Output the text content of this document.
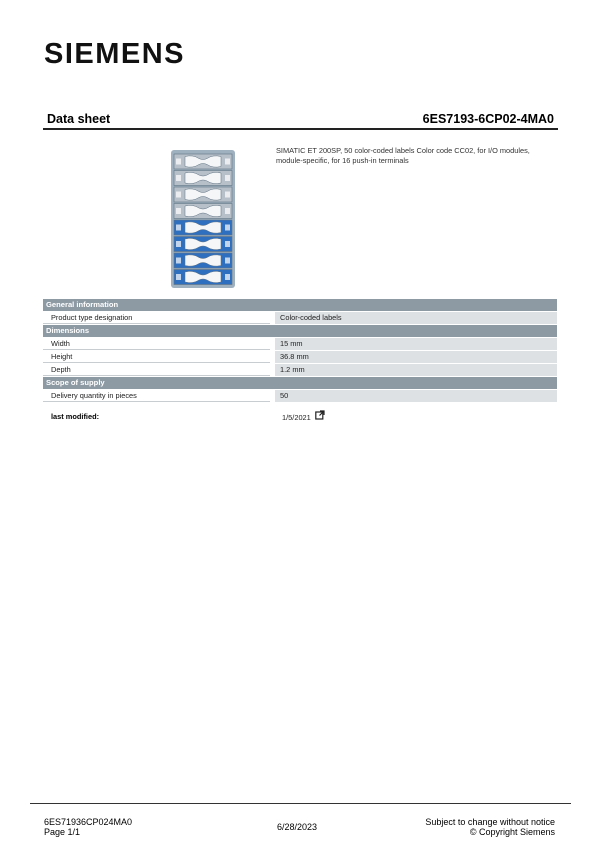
SIEMENS
Data sheet	6ES7193-6CP02-4MA0
SIMATIC ET 200SP, 50 color-coded labels Color code CC02, for I/O modules, module-specific, for 16 push-in terminals
General information
Product type designation	Color-coded labels
Dimensions
Width	15 mm
Height	36.8 mm
Depth	1.2 mm
Scope of supply
Delivery quantity in pieces	50
last modified:	1/5/2021
6ES71936CP024MA0
Page 1/1	6/28/2023	Subject to change without notice
© Copyright Siemens
